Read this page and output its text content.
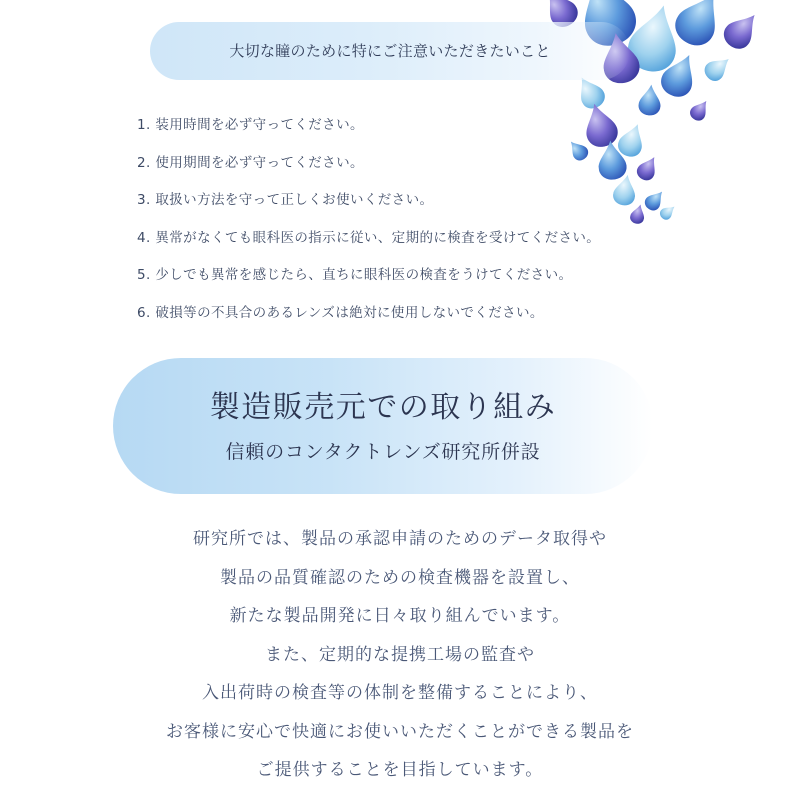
大切な瞳のために特にご注意いただきたいこと
1. 装用時間を必ず守ってください。
2. 使用期間を必ず守ってください。
3. 取扱い方法を守って正しくお使いください。
4. 異常がなくても眼科医の指示に従い、定期的に検査を受けてください。
5. 少しでも異常を感じたら、直ちに眼科医の検査をうけてください。
6. 破損等の不具合のあるレンズは絶対に使用しないでください。
製造販売元での取り組み
信頼のコンタクトレンズ研究所併設
研究所では、製品の承認申請のためのデータ取得や
製品の品質確認のための検査機器を設置し、
新たな製品開発に日々取り組んでいます。
また、定期的な提携工場の監査や
入出荷時の検査等の体制を整備することにより、
お客様に安心で快適にお使いいただくことができる製品を
ご提供することを目指しています。
